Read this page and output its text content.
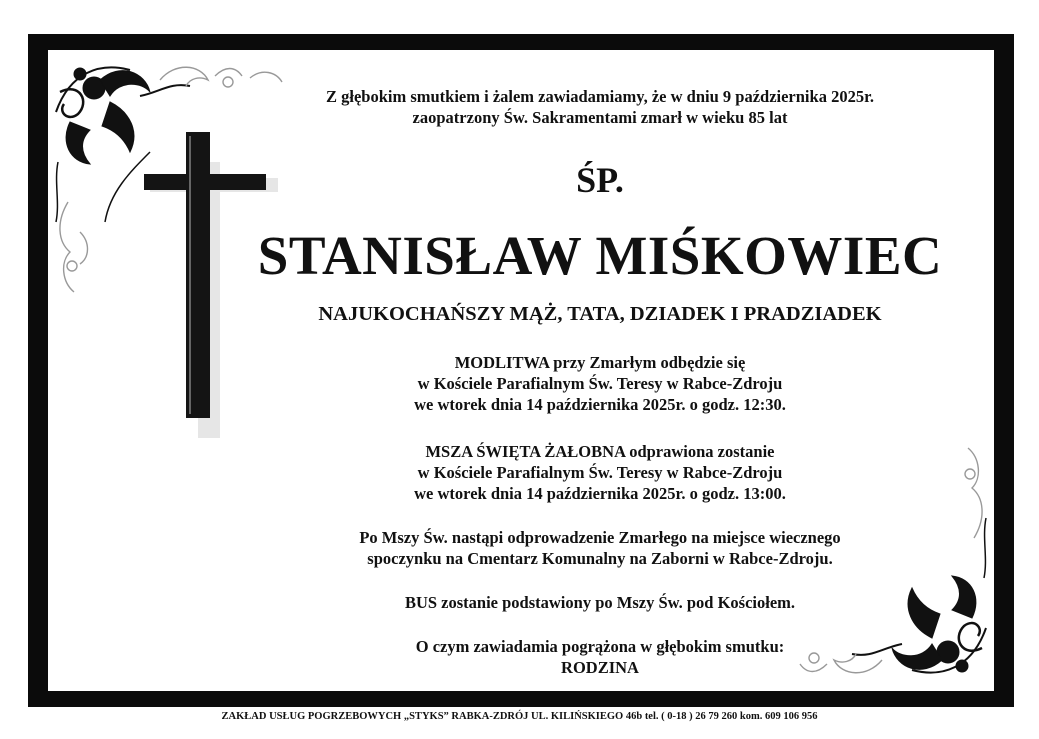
Z głębokim smutkiem i żalem zawiadamiamy, że w dniu 9 października 2025r.
zaopatrzony Św. Sakramentami zmarł w wieku 85 lat
ŚP.
STANISŁAW MIŚKOWIEC
NAJUKOCHAŃSZY MĄŻ, TATA, DZIADEK I PRADZIADEK
MODLITWA przy Zmarłym odbędzie się
w Kościele Parafialnym Św. Teresy w Rabce-Zdroju
we wtorek dnia 14 października 2025r. o godz. 12:30.
MSZA ŚWIĘTA ŻAŁOBNA odprawiona zostanie
w Kościele Parafialnym Św. Teresy w Rabce-Zdroju
we wtorek dnia 14 października 2025r. o godz. 13:00.
Po Mszy Św. nastąpi odprowadzenie Zmarłego na miejsce wiecznego
spoczynku na Cmentarz Komunalny na Zaborni w Rabce-Zdroju.
BUS zostanie podstawiony po Mszy Św. pod Kościołem.
O czym zawiadamia pogrążona w głębokim smutku:
RODZINA
ZAKŁAD USŁUG POGRZEBOWYCH „STYKS” RABKA-ZDRÓJ UL. KILIŃSKIEGO 46b tel. ( 0-18 ) 26 79 260 kom. 609 106 956
